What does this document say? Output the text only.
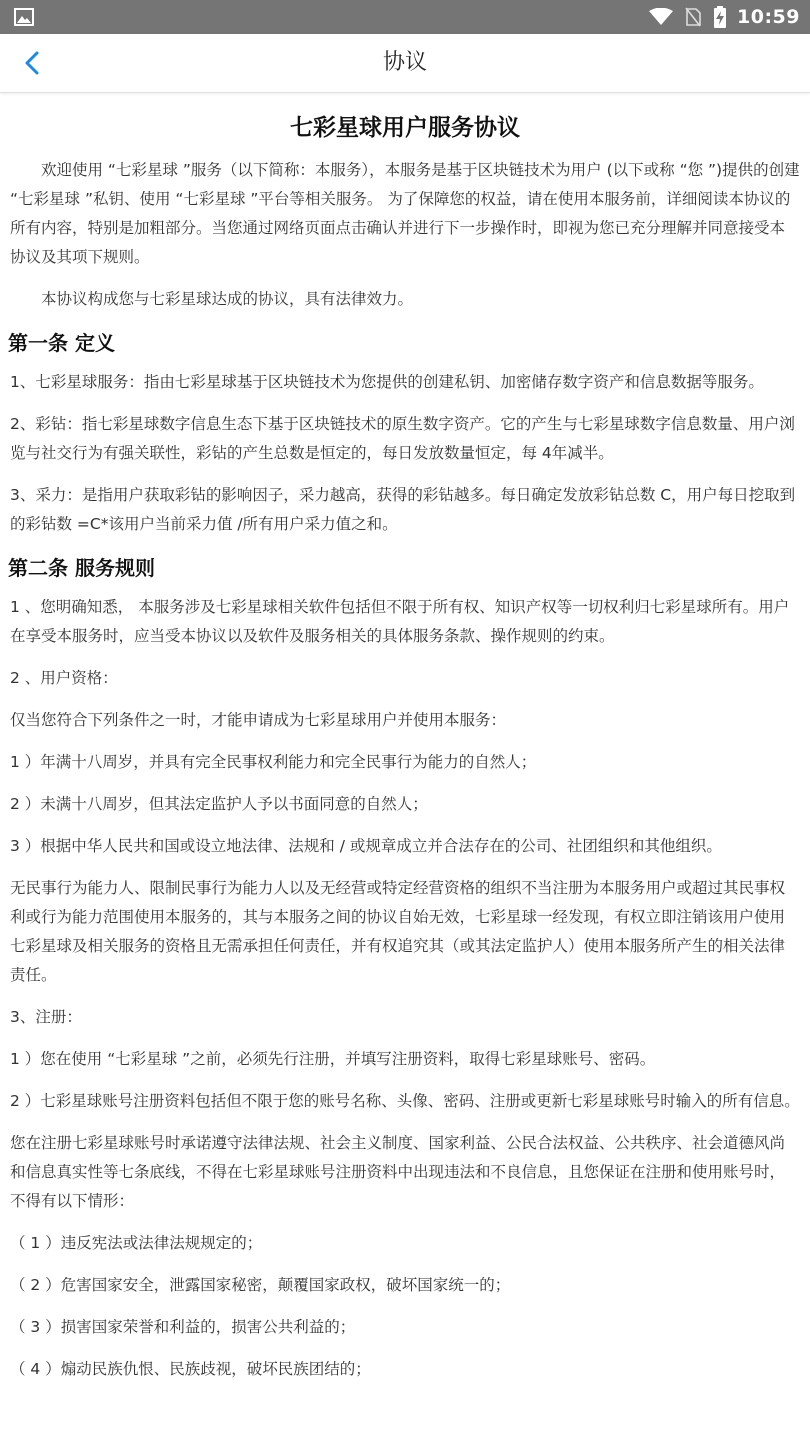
10:59
协议
七彩星球用户服务协议

欢迎使用 “七彩星球 ”服务（以下简称：本服务），本服务是基于区块链技术为用户 (以下或称 “您 ”)提供的创建 “七彩星球 ”私钥、使用 “七彩星球 ”平台等相关服务。 为了保障您的权益，请在使用本服务前，详细阅读本协议的所有内容，特别是加粗部分。当您通过网络页面点击确认并进行下一步操作时，即视为您已充分理解并同意接受本协议及其项下规则。

本协议构成您与七彩星球达成的协议，具有法律效力。

第一条 定义

1、七彩星球服务：指由七彩星球基于区块链技术为您提供的创建私钥、加密储存数字资产和信息数据等服务。

2、彩钻：指七彩星球数字信息生态下基于区块链技术的原生数字资产。它的产生与七彩星球数字信息数量、用户浏览与社交行为有强关联性，彩钻的产生总数是恒定的，每日发放数量恒定，每 4年减半。

3、采力：是指用户获取彩钻的影响因子，采力越高，获得的彩钻越多。每日确定发放彩钻总数 C，用户每日挖取到的彩钻数 =C*该用户当前采力值 /所有用户采力值之和。

第二条 服务规则

1 、您明确知悉， 本服务涉及七彩星球相关软件包括但不限于所有权、知识产权等一切权利归七彩星球所有。用户在享受本服务时，应当受本协议以及软件及服务相关的具体服务条款、操作规则的约束。

2 、用户资格：

仅当您符合下列条件之一时，才能申请成为七彩星球用户并使用本服务：

1 ）年满十八周岁，并具有完全民事权利能力和完全民事行为能力的自然人；

2 ）未满十八周岁，但其法定监护人予以书面同意的自然人；

3 ）根据中华人民共和国或设立地法律、法规和 / 或规章成立并合法存在的公司、社团组织和其他组织。

无民事行为能力人、限制民事行为能力人以及无经营或特定经营资格的组织不当注册为本服务用户或超过其民事权利或行为能力范围使用本服务的，其与本服务之间的协议自始无效，七彩星球一经发现，有权立即注销该用户使用七彩星球及相关服务的资格且无需承担任何责任，并有权追究其（或其法定监护人）使用本服务所产生的相关法律责任。

3、注册：

1 ）您在使用 “七彩星球 ”之前，必须先行注册，并填写注册资料，取得七彩星球账号、密码。

2 ）七彩星球账号注册资料包括但不限于您的账号名称、头像、密码、注册或更新七彩星球账号时输入的所有信息。

您在注册七彩星球账号时承诺遵守法律法规、社会主义制度、国家利益、公民合法权益、公共秩序、社会道德风尚和信息真实性等七条底线，不得在七彩星球账号注册资料中出现违法和不良信息，且您保证在注册和使用账号时， 不得有以下情形：

（ 1 ）违反宪法或法律法规规定的；

（ 2 ）危害国家安全，泄露国家秘密，颠覆国家政权，破坏国家统一的；

（ 3 ）损害国家荣誉和利益的，损害公共利益的；

（ 4 ）煽动民族仇恨、民族歧视，破坏民族团结的；
